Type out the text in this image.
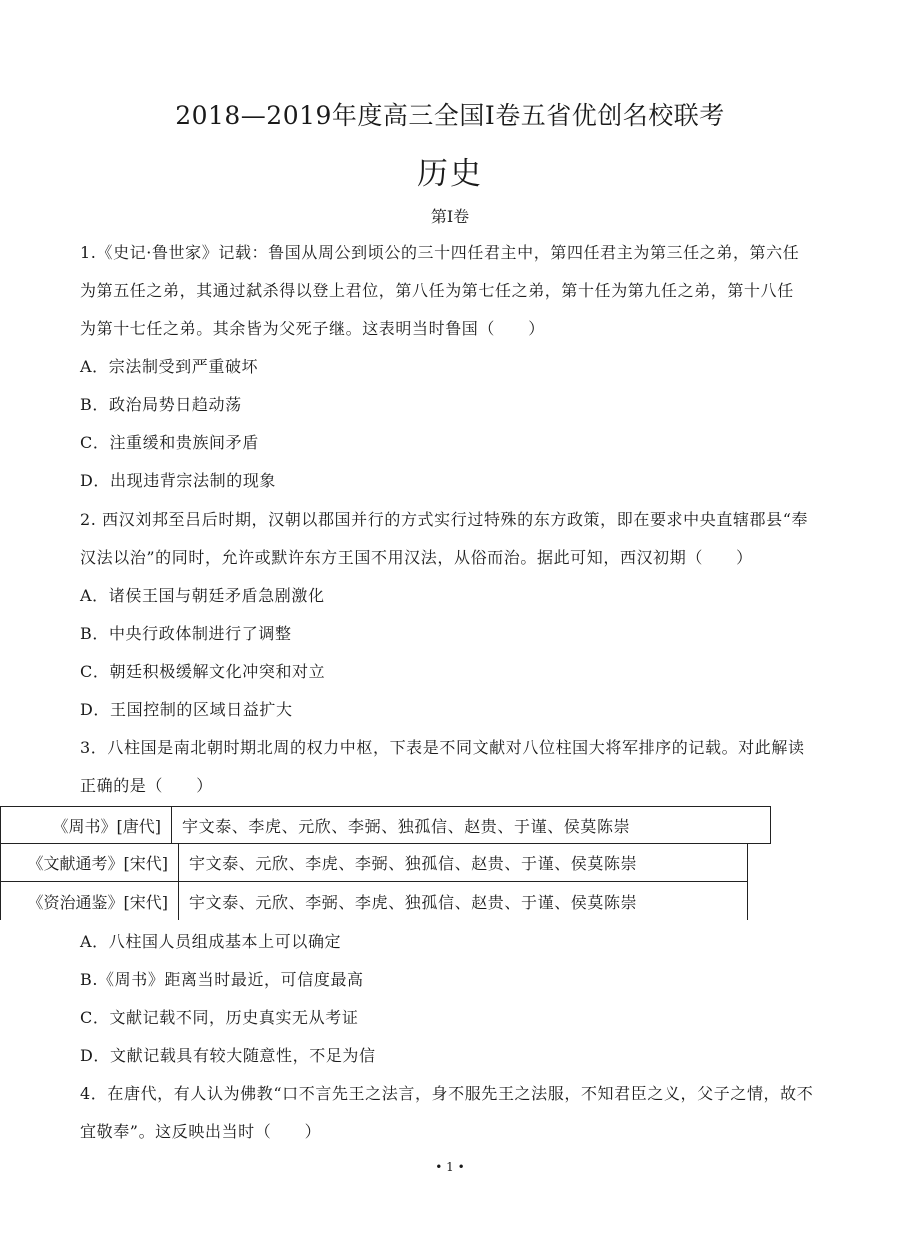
2018—2019年度高三全国Ⅰ卷五省优创名校联考
历史
第Ⅰ卷
1.《史记·鲁世家》记载：鲁国从周公到顷公的三十四任君主中，第四任君主为第三任之弟，第六任
为第五任之弟，其通过弑杀得以登上君位，第八任为第七任之弟，第十任为第九任之弟，第十八任
为第十七任之弟。其余皆为父死子继。这表明当时鲁国（　　）
A．宗法制受到严重破坏
B．政治局势日趋动荡
C．注重缓和贵族间矛盾
D．出现违背宗法制的现象
2. 西汉刘邦至吕后时期，汉朝以郡国并行的方式实行过特殊的东方政策，即在要求中央直辖郡县“奉
汉法以治”的同时，允许或默许东方王国不用汉法，从俗而治。据此可知，西汉初期（　　）
A．诸侯王国与朝廷矛盾急剧激化
B．中央行政体制进行了调整
C．朝廷积极缓解文化冲突和对立
D．王国控制的区域日益扩大
3．八柱国是南北朝时期北周的权力中枢，下表是不同文献对八位柱国大将军排序的记载。对此解读
正确的是（　　）
《周书》[唐代]	宇文泰、李虎、元欣、李弼、独孤信、赵贵、于谨、侯莫陈崇
《文献通考》[宋代]	宇文泰、元欣、李虎、李弼、独孤信、赵贵、于谨、侯莫陈崇
《资治通鉴》[宋代]	宇文泰、元欣、李弼、李虎、独孤信、赵贵、于谨、侯莫陈崇
A．八柱国人员组成基本上可以确定
B.《周书》距离当时最近，可信度最高
C．文献记载不同，历史真实无从考证
D．文献记载具有较大随意性，不足为信
4．在唐代，有人认为佛教“口不言先王之法言，身不服先王之法服，不知君臣之义，父子之情，故不
宜敬奉”。这反映出当时（　　）
• 1 •
